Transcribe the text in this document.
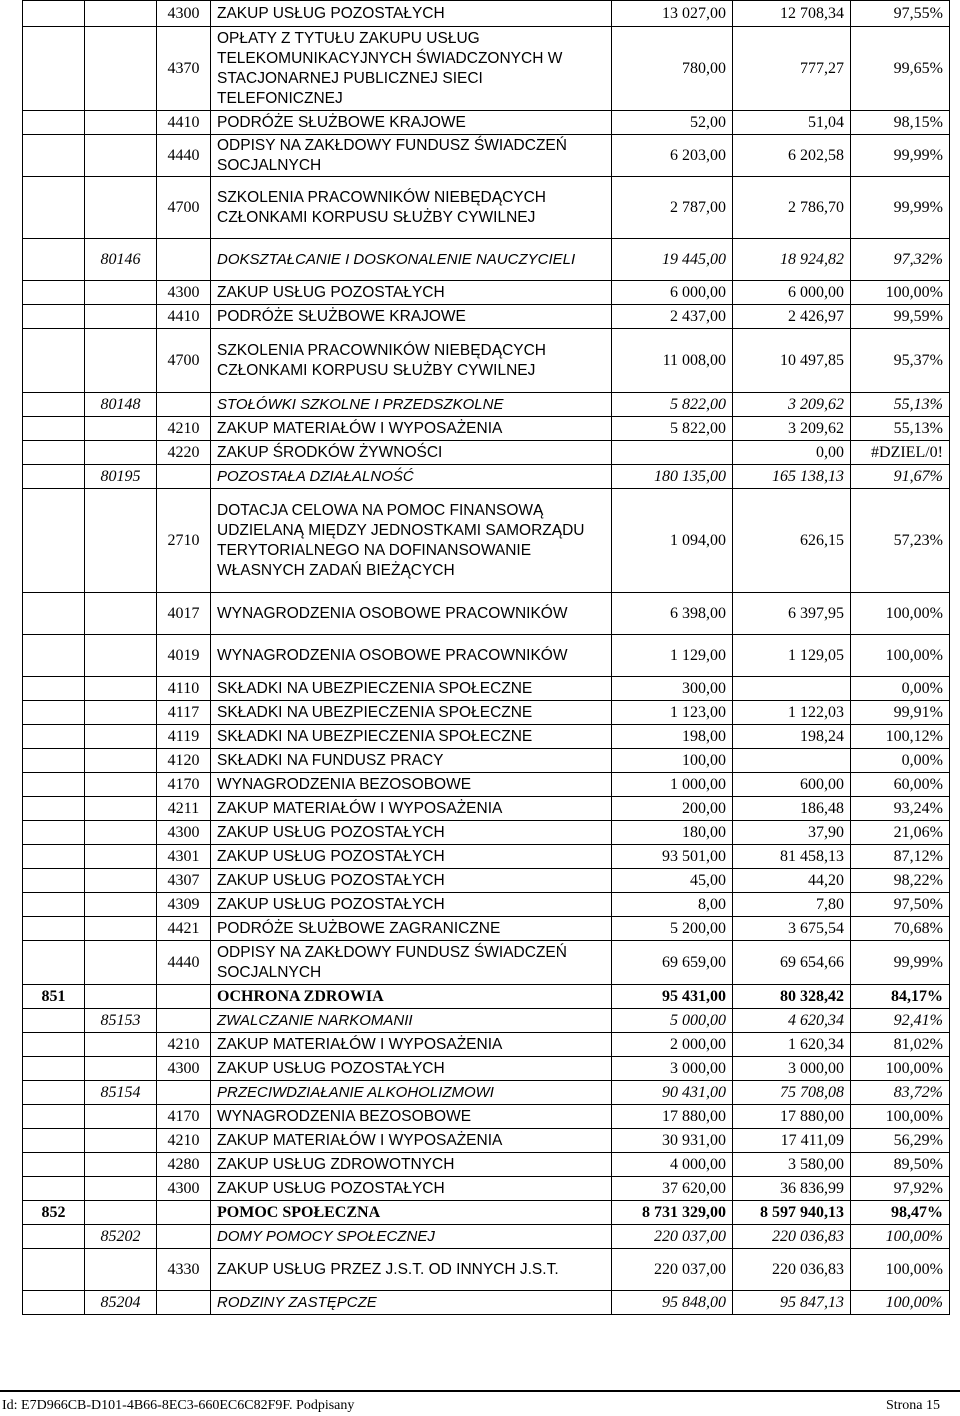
		4300	ZAKUP USŁUG POZOSTAŁYCH	13 027,00	12 708,34	97,55%
		4370	OPŁATY Z TYTUŁU ZAKUPU USŁUG TELEKOMUNIKACYJNYCH ŚWIADCZONYCH W STACJONARNEJ PUBLICZNEJ SIECI TELEFONICZNEJ	780,00	777,27	99,65%
		4410	PODRÓŻE SŁUŻBOWE KRAJOWE	52,00	51,04	98,15%
		4440	ODPISY NA ZAKŁDOWY FUNDUSZ ŚWIADCZEŃ SOCJALNYCH	6 203,00	6 202,58	99,99%
		4700	SZKOLENIA PRACOWNIKÓW NIEBĘDĄCYCH CZŁONKAMI KORPUSU SŁUŻBY CYWILNEJ	2 787,00	2 786,70	99,99%
	80146		DOKSZTAŁCANIE I DOSKONALENIE NAUCZYCIELI	19 445,00	18 924,82	97,32%
		4300	ZAKUP USŁUG POZOSTAŁYCH	6 000,00	6 000,00	100,00%
		4410	PODRÓŻE SŁUŻBOWE KRAJOWE	2 437,00	2 426,97	99,59%
		4700	SZKOLENIA PRACOWNIKÓW NIEBĘDĄCYCH CZŁONKAMI KORPUSU SŁUŻBY CYWILNEJ	11 008,00	10 497,85	95,37%
	80148		STOŁÓWKI SZKOLNE I PRZEDSZKOLNE	5 822,00	3 209,62	55,13%
		4210	ZAKUP MATERIAŁÓW I WYPOSAŻENIA	5 822,00	3 209,62	55,13%
		4220	ZAKUP ŚRODKÓW ŻYWNOŚCI		0,00	#DZIEL/0!
	80195		POZOSTAŁA DZIAŁALNOŚĆ	180 135,00	165 138,13	91,67%
		2710	DOTACJA CELOWA NA POMOC FINANSOWĄ UDZIELANĄ MIĘDZY JEDNOSTKAMI SAMORZĄDU TERYTORIALNEGO NA DOFINANSOWANIE WŁASNYCH ZADAŃ BIEŻĄCYCH	1 094,00	626,15	57,23%
		4017	WYNAGRODZENIA OSOBOWE PRACOWNIKÓW	6 398,00	6 397,95	100,00%
		4019	WYNAGRODZENIA OSOBOWE PRACOWNIKÓW	1 129,00	1 129,05	100,00%
		4110	SKŁADKI NA UBEZPIECZENIA SPOŁECZNE	300,00		0,00%
		4117	SKŁADKI NA UBEZPIECZENIA SPOŁECZNE	1 123,00	1 122,03	99,91%
		4119	SKŁADKI NA UBEZPIECZENIA SPOŁECZNE	198,00	198,24	100,12%
		4120	SKŁADKI NA FUNDUSZ PRACY	100,00		0,00%
		4170	WYNAGRODZENIA BEZOSOBOWE	1 000,00	600,00	60,00%
		4211	ZAKUP MATERIAŁÓW I WYPOSAŻENIA	200,00	186,48	93,24%
		4300	ZAKUP USŁUG POZOSTAŁYCH	180,00	37,90	21,06%
		4301	ZAKUP USŁUG POZOSTAŁYCH	93 501,00	81 458,13	87,12%
		4307	ZAKUP USŁUG POZOSTAŁYCH	45,00	44,20	98,22%
		4309	ZAKUP USŁUG POZOSTAŁYCH	8,00	7,80	97,50%
		4421	PODRÓŻE SŁUŻBOWE ZAGRANICZNE	5 200,00	3 675,54	70,68%
		4440	ODPISY NA ZAKŁDOWY FUNDUSZ ŚWIADCZEŃ SOCJALNYCH	69 659,00	69 654,66	99,99%
851			OCHRONA ZDROWIA	95 431,00	80 328,42	84,17%
	85153		ZWALCZANIE NARKOMANII	5 000,00	4 620,34	92,41%
		4210	ZAKUP MATERIAŁÓW I WYPOSAŻENIA	2 000,00	1 620,34	81,02%
		4300	ZAKUP USŁUG POZOSTAŁYCH	3 000,00	3 000,00	100,00%
	85154		PRZECIWDZIAŁANIE ALKOHOLIZMOWI	90 431,00	75 708,08	83,72%
		4170	WYNAGRODZENIA BEZOSOBOWE	17 880,00	17 880,00	100,00%
		4210	ZAKUP MATERIAŁÓW I WYPOSAŻENIA	30 931,00	17 411,09	56,29%
		4280	ZAKUP USŁUG ZDROWOTNYCH	4 000,00	3 580,00	89,50%
		4300	ZAKUP USŁUG POZOSTAŁYCH	37 620,00	36 836,99	97,92%
852			POMOC SPOŁECZNA	8 731 329,00	8 597 940,13	98,47%
	85202		DOMY POMOCY SPOŁECZNEJ	220 037,00	220 036,83	100,00%
		4330	ZAKUP USŁUG PRZEZ J.S.T. OD INNYCH J.S.T.	220 037,00	220 036,83	100,00%
	85204		RODZINY ZASTĘPCZE	95 848,00	95 847,13	100,00%
Id: E7D966CB-D101-4B66-8EC3-660EC6C82F9F. Podpisany	Strona 15
